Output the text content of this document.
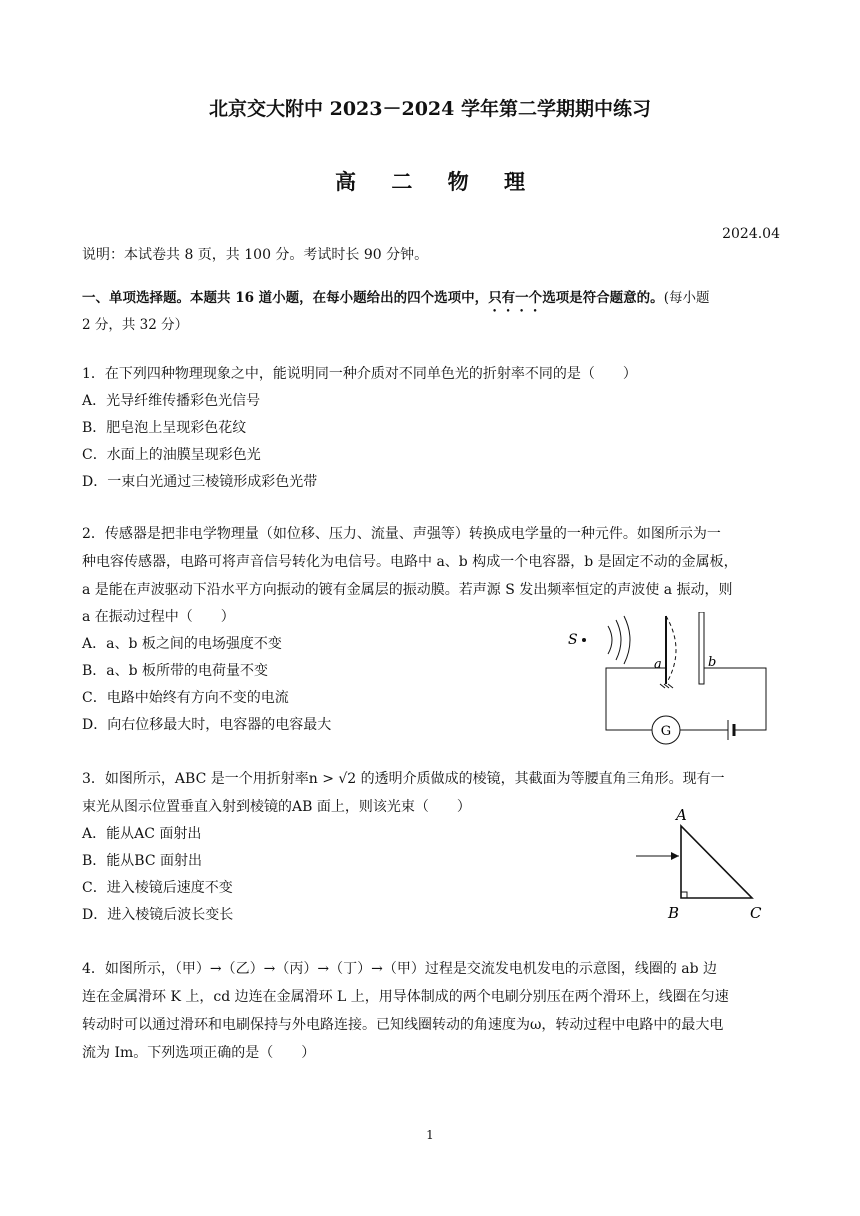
北京交大附中 2023－2024 学年第二学期期中练习
高 二 物 理
2024.04
说明：本试卷共 8 页，共 100 分。考试时长 90 分钟。
一、单项选择题。本题共 16 道小题，在每小题给出的四个选项中，只有一个选项是符合题意的。(每小题
2 分，共 32 分）
1．在下列四种物理现象之中，能说明同一种介质对不同单色光的折射率不同的是（　　）
A．光导纤维传播彩色光信号
B．肥皂泡上呈现彩色花纹
C．水面上的油膜呈现彩色光
D．一束白光通过三棱镜形成彩色光带
2．传感器是把非电学物理量（如位移、压力、流量、声强等）转换成电学量的一种元件。如图所示为一
种电容传感器，电路可将声音信号转化为电信号。电路中 a、b 构成一个电容器，b 是固定不动的金属板，
a 是能在声波驱动下沿水平方向振动的镀有金属层的振动膜。若声源 S 发出频率恒定的声波使 a 振动，则
a 在振动过程中（　　）
A．a、b 板之间的电场强度不变
B．a、b 板所带的电荷量不变
C．电路中始终有方向不变的电流
D．向右位移最大时，电容器的电容最大
S
a	b
G
3．如图所示，ABC 是一个用折射率n > √2 的透明介质做成的棱镜，其截面为等腰直角三角形。现有一
束光从图示位置垂直入射到棱镜的AB 面上，则该光束（　　）
A．能从AC 面射出
B．能从BC 面射出
C．进入棱镜后速度不变
D．进入棱镜后波长变长
A
B	C
4．如图所示，（甲）→（乙）→（丙）→（丁）→（甲）过程是交流发电机发电的示意图，线圈的 ab 边
连在金属滑环 K 上，cd 边连在金属滑环 L 上，用导体制成的两个电刷分别压在两个滑环上，线圈在匀速
转动时可以通过滑环和电刷保持与外电路连接。已知线圈转动的角速度为ω，转动过程中电路中的最大电
流为 Im。下列选项正确的是（　　）
1
